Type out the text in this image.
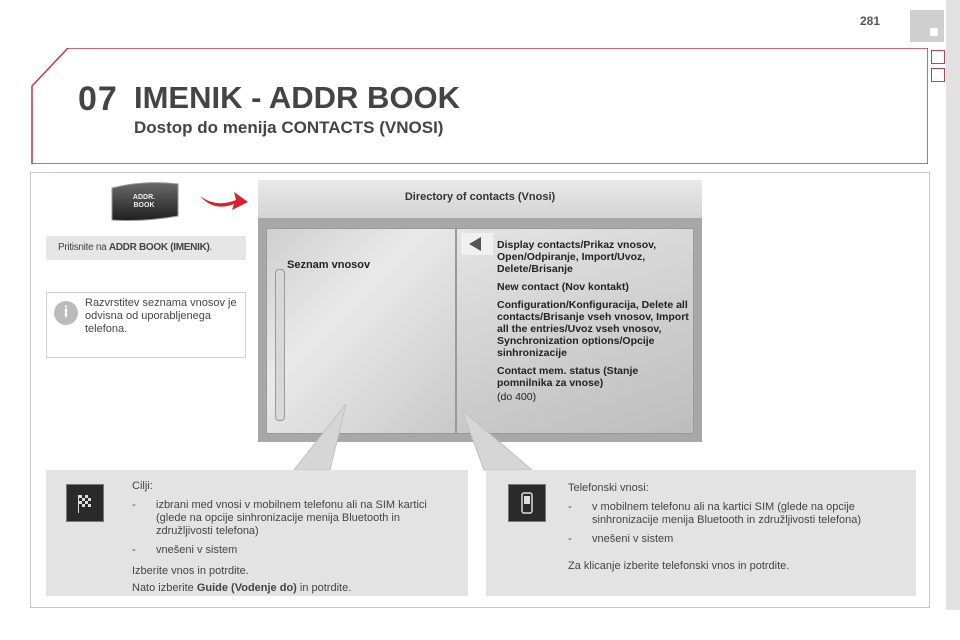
281
07 IMENIK - ADDR BOOK
Dostop do menija CONTACTS (VNOSI)
ADDR. BOOK
Pritisnite na ADDR BOOK (IMENIK).
i
Razvrstitev seznama vnosov je odvisna od uporabljenega telefona.
Directory of contacts (Vnosi)
Seznam vnosov

Display contacts/Prikaz vnosov, Open/Odpiranje, Import/Uvoz, Delete/Brisanje

New contact (Nov kontakt)

Configuration/Konfiguracija, Delete all contacts/Brisanje vseh vnosov, Import all the entries/Uvoz vseh vnosov, Synchronization options/Opcije sinhronizacije

Contact mem. status (Stanje pomnilnika za vnose)

(do 400)

Cilji:

- izbrani med vnosi v mobilnem telefonu ali na SIM kartici (glede na opcije sinhronizacije menija Bluetooth in združljivosti telefona)
- vnešeni v sistem

Izberite vnos in potrdite.

Nato izberite Guide (Vodenje do) in potrdite.

Telefonski vnosi:

- v mobilnem telefonu ali na kartici SIM (glede na opcije sinhronizacije menija Bluetooth in združljivosti telefona)
- vnešeni v sistem

Za klicanje izberite telefonski vnos in potrdite.
